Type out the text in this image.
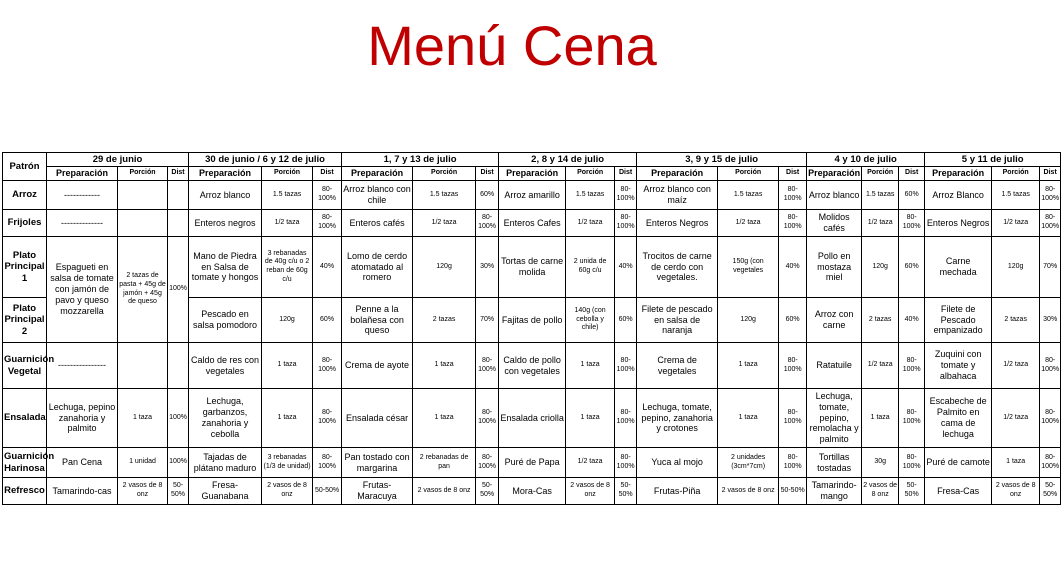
Menú Cena
Patrón	29 de junio			30 de junio / 6 y 12 de julio			1, 7 y 13 de julio			2, 8 y 14 de julio			3, 9 y 15 de julio			4 y 10 de julio			5 y 11 de julio		
	Preparación	Porción	Dist	Preparación	Porción	Dist	Preparación	Porción	Dist	Preparación	Porción	Dist	Preparación	Porción	Dist	Preparación	Porción	Dist	Preparación	Porción	Dist
Arroz	------------			Arroz blanco	1.5 tazas	80-100%	Arroz blanco con chile	1.5 tazas	60%	Arroz amarillo	1.5 tazas	80-100%	Arroz blanco con maíz	1.5 tazas	80-100%	Arroz blanco	1.5 tazas	60%	Arroz Blanco	1.5 tazas	80-100%
Frijoles	--------------			Enteros negros	1/2 taza	80-100%	Enteros cafés	1/2 taza	80-100%	Enteros Cafes	1/2 taza	80-100%	Enteros Negros	1/2 taza	80-100%	Molidos cafés	1/2 taza	80-100%	Enteros Negros	1/2 taza	80-100%
Plato Principal 1	Espagueti en salsa de tomate con jamón de pavo y queso mozzarella	2 tazas de pasta + 45g de jamón + 45g de queso	100%	Mano de Piedra en Salsa de tomate y hongos	3 rebanadas de 40g c/u o 2 reban de 60g c/u	40%	Lomo de cerdo atomatado al romero	120g	30%	Tortas de carne molida	2 unida de 60g c/u	40%	Trocitos de carne de cerdo con vegetales.	150g (con vegetales	40%	Pollo en mostaza miel	120g	60%	Carne mechada	120g	70%
Plato Principal 2				Pescado en salsa pomodoro	120g	60%	Penne a la bolañesa con queso	2 tazas	70%	Fajitas de pollo	140g (con cebolla y chile)	60%	Filete de pescado en salsa de naranja	120g	60%	Arroz con carne	2 tazas	40%	Filete de Pescado empanizado	2 tazas	30%
Guarnición Vegetal	----------------			Caldo de res con vegetales	1 taza	80-100%	Crema de ayote	1 taza	80-100%	Caldo de pollo con vegetales	1 taza	80-100%	Crema de vegetales	1 taza	80-100%	Ratatuile	1/2 taza	80-100%	Zuquini con tomate y albahaca	1/2 taza	80-100%
Ensalada	Lechuga, pepino zanahoria y palmito	1 taza	100%	Lechuga, garbanzos, zanahoria y cebolla	1 taza	80-100%	Ensalada césar	1 taza	80-100%	Ensalada criolla	1 taza	80-100%	Lechuga, tomate, pepino, zanahoria y crotones	1 taza	80-100%	Lechuga, tomate, pepino, remolacha y palmito	1 taza	80-100%	Escabeche de Palmito en cama de lechuga	1/2 taza	80-100%
Guarnición Harinosa	Pan Cena	1 unidad	100%	Tajadas de plátano maduro	3 rebanadas (1/3 de unidad)	80-100%	Pan tostado con margarina	2 rebanadas de pan	80-100%	Puré de Papa	1/2 taza	80-100%	Yuca al mojo	2 unidades (3cm*7cm)	80-100%	Tortillas tostadas	30g	80-100%	Puré de camote	1 taza	80-100%
Refresco	Tamarindo-cas	2 vasos de 8 onz	50-50%	Fresa-Guanabana	2 vasos de 8 onz	50-50%	Frutas-Maracuya	2 vasos de 8 onz	50-50%	Mora-Cas	2 vasos de 8 onz	50-50%	Frutas-Piña	2 vasos de 8 onz	50-50%	Tamarindo-mango	2 vasos de 8 onz	50-50%	Fresa-Cas	2 vasos de 8 onz	50-50%
